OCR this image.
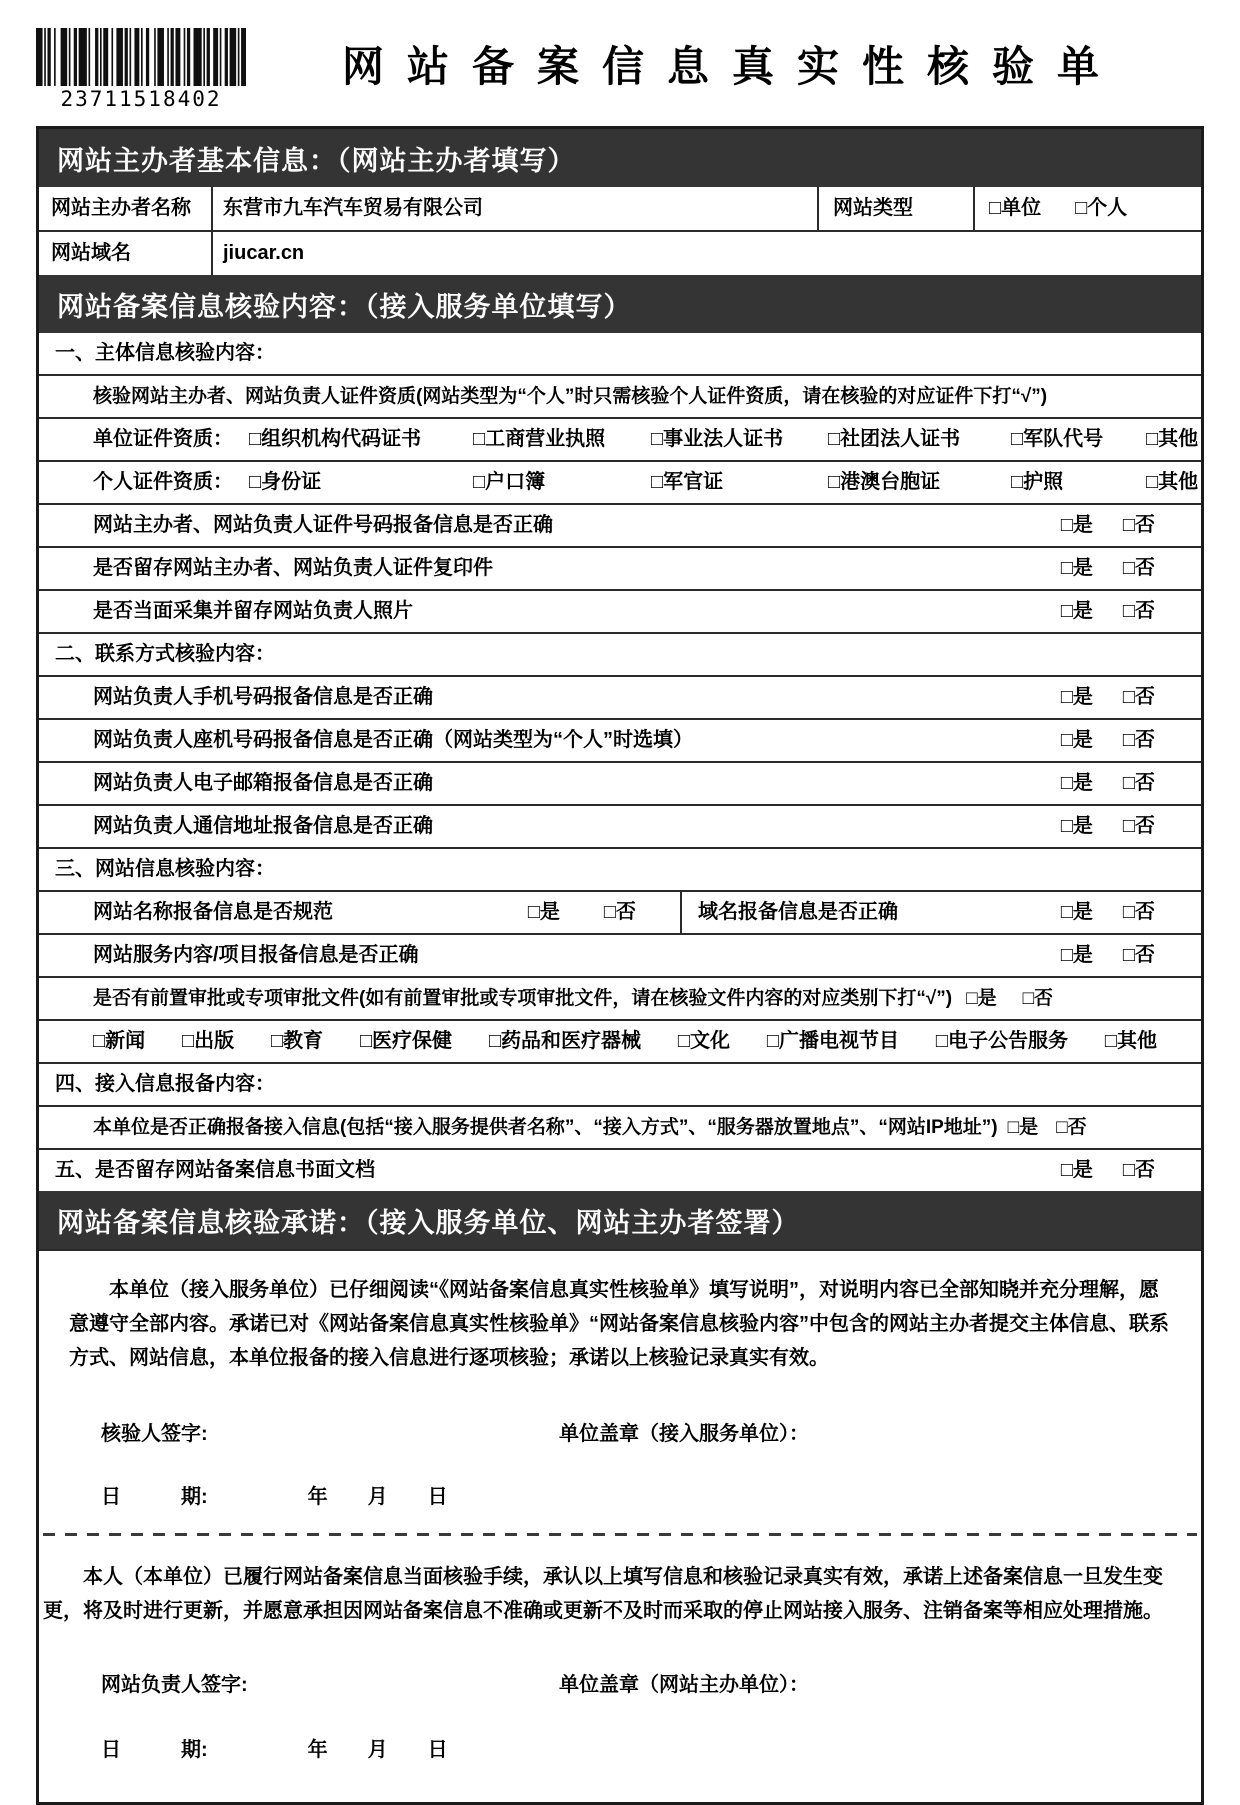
23711518402
网站备案信息真实性核验单
网站主办者基本信息：（网站主办者填写）
网站主办者名称	东营市九车汽车贸易有限公司	网站类型	□单位 □个人
网站域名	jiucar.cn
网站备案信息核验内容：（接入服务单位填写）
一、主体信息核验内容：
核验网站主办者、网站负责人证件资质(网站类型为“个人”时只需核验个人证件资质，请在核验的对应证件下打“√”)
单位证件资质： □组织机构代码证书	□工商营业执照	□事业法人证书	□社团法人证书	□军队代号	□其他
个人证件资质： □身份证	□户口簿	□军官证	□港澳台胞证	□护照	□其他
网站主办者、网站负责人证件号码报备信息是否正确	□是 □否
是否留存网站主办者、网站负责人证件复印件	□是 □否
是否当面采集并留存网站负责人照片	□是 □否
二、联系方式核验内容：
网站负责人手机号码报备信息是否正确	□是 □否
网站负责人座机号码报备信息是否正确（网站类型为“个人”时选填）	□是 □否
网站负责人电子邮箱报备信息是否正确	□是 □否
网站负责人通信地址报备信息是否正确	□是 □否
三、网站信息核验内容：
网站名称报备信息是否规范	□是 □否	域名报备信息是否正确	□是 □否
网站服务内容/项目报备信息是否正确	□是 □否
是否有前置审批或专项审批文件(如有前置审批或专项审批文件，请在核验文件内容的对应类别下打“√”) □是 □否
□新闻 □出版 □教育 □医疗保健 □药品和医疗器械 □文化 □广播电视节目 □电子公告服务 □其他
四、接入信息报备内容：
本单位是否正确报备接入信息(包括“接入服务提供者名称”、“接入方式”、“服务器放置地点”、“网站IP地址”) □是 □否
五、是否留存网站备案信息书面文档	□是 □否
网站备案信息核验承诺：（接入服务单位、网站主办者签署）

本单位（接入服务单位）已仔细阅读“《网站备案信息真实性核验单》填写说明”，对说明内容已全部知晓并充分理解，愿意遵守全部内容。承诺已对《网站备案信息真实性核验单》“网站备案信息核验内容”中包含的网站主办者提交主体信息、联系方式、网站信息，本单位报备的接入信息进行逐项核验；承诺以上核验记录真实有效。

核验人签字:	单位盖章（接入服务单位）：
日　　　期:　　　　　年　　月　　日

本人（本单位）已履行网站备案信息当面核验手续，承认以上填写信息和核验记录真实有效，承诺上述备案信息一旦发生变更，将及时进行更新，并愿意承担因网站备案信息不准确或更新不及时而采取的停止网站接入服务、注销备案等相应处理措施。

网站负责人签字:	单位盖章（网站主办单位）：
日　　　期:　　　　　年　　月　　日
